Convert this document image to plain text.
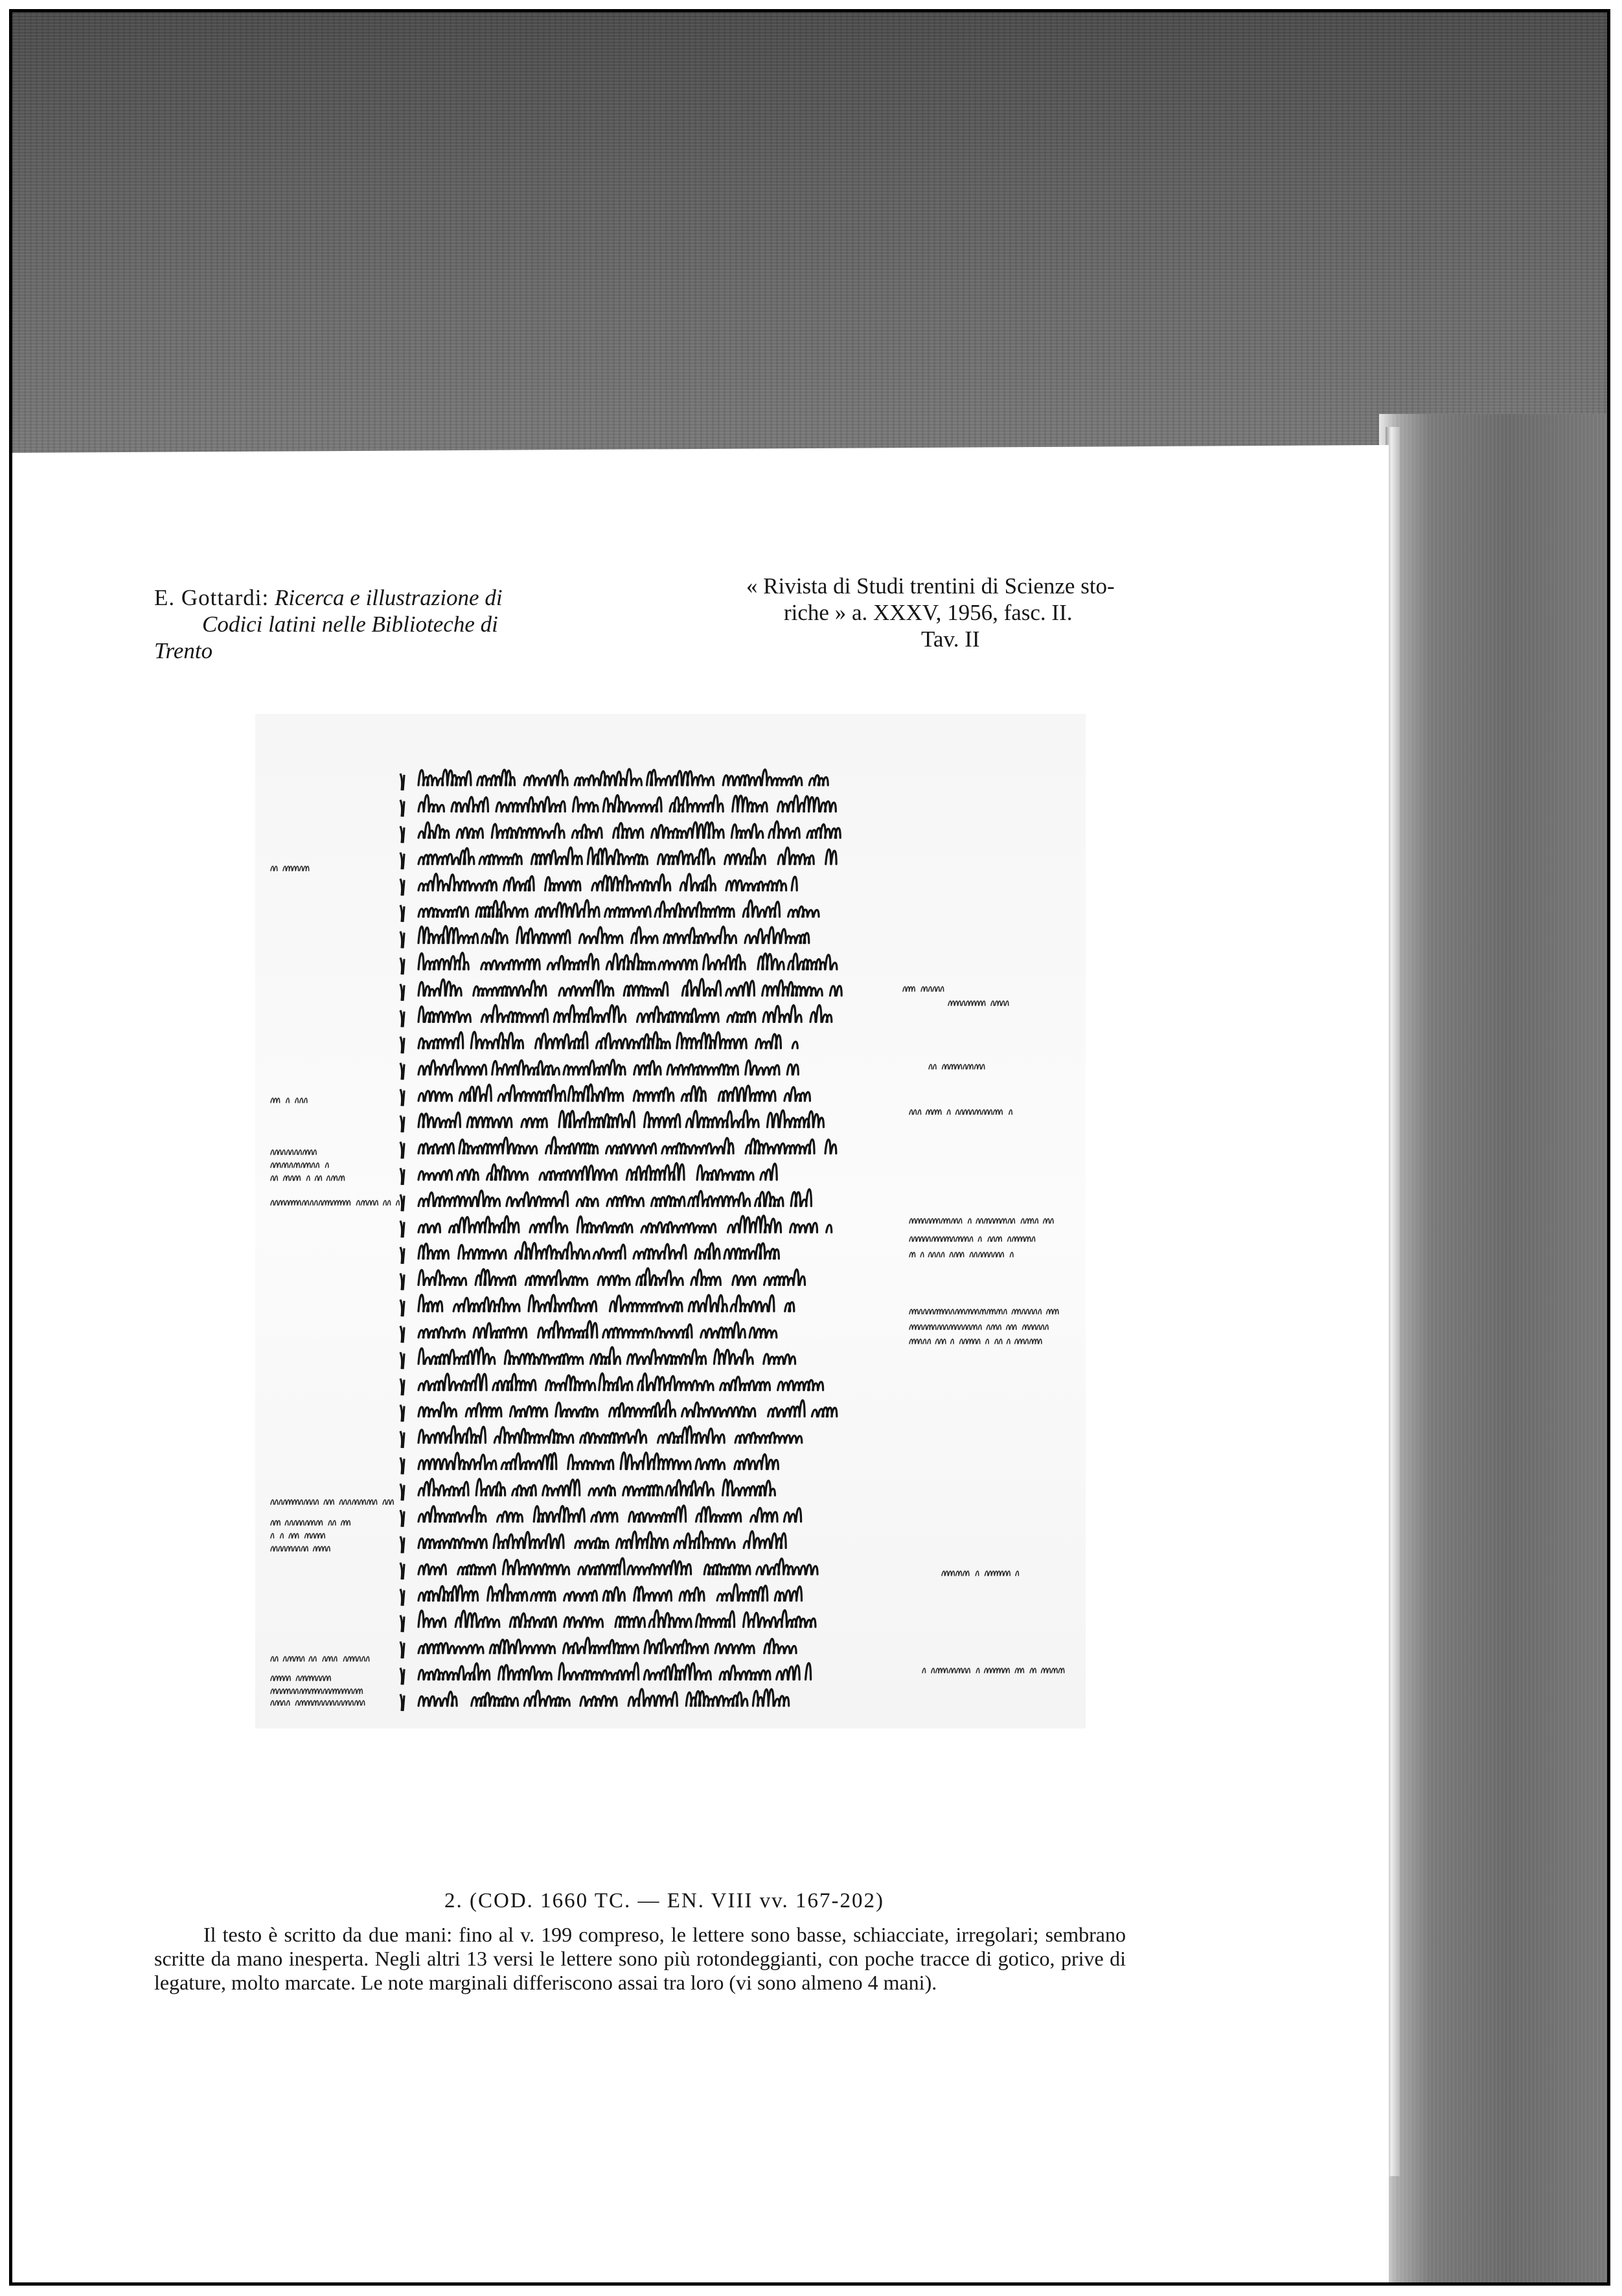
E. Gottardi: Ricerca e illustrazione di
Codici latini nelle Biblioteche di
Trento
« Rivista di Studi trentini di Scienze sto-
riche » a. XXXV, 1956, fasc. II.
Tav. II
2. (COD. 1660 TC. — EN. VIII vv. 167-202)

Il testo è scritto da due mani: fino al v. 199 compreso, le lettere sono basse, schiacciate, irregolari; sembrano scritte da mano inesperta. Negli altri 13 versi le lettere sono più rotondeggianti, con poche tracce di gotico, prive di legature, molto marcate. Le note marginali differiscono assai tra loro (vi sono almeno 4 mani).
